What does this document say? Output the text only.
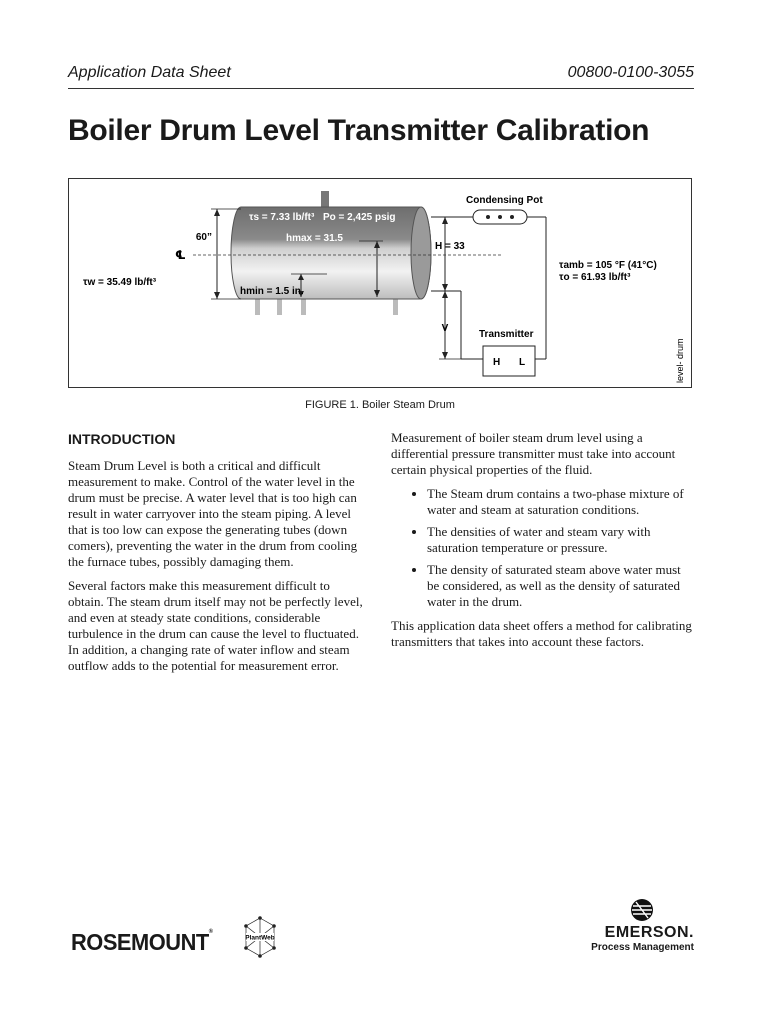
Application Data Sheet	00800-0100-3055
Boiler Drum Level Transmitter Calibration
Condensing Pot
τs = 7.33 lb/ft³ Po = 2,425 psig
hmax = 31.5
hmin = 1.5 in.
60”
℄
τw = 35.49 lb/ft³
H = 33
V
τamb = 105 °F (41°C)
τo = 61.93 lb/ft³
Transmitter
H L	level- drum
FIGURE 1. Boiler Steam Drum
INTRODUCTION

Steam Drum Level is both a critical and difficult measurement to make. Control of the water level in the drum must be precise. A water level that is too high can result in water carryover into the steam piping. A level that is too low can expose the generating tubes (down comers), preventing the water in the drum from cooling the furnace tubes, possibly damaging them.

Several factors make this measurement difficult to obtain. The steam drum itself may not be perfectly level, and even at steady state conditions, considerable turbulence in the drum can cause the level to fluctuated. In addition, a changing rate of water inflow and steam outflow adds to the potential for measurement error.

Measurement of boiler steam drum level using a differential pressure transmitter must take into account certain physical properties of the fluid.

• The Steam drum contains a two-phase mixture of water and steam at saturation conditions.
• The densities of water and steam vary with saturation temperature or pressure.
• The density of saturated steam above water must be considered, as well as the density of saturated water in the drum.

This application data sheet offers a method for calibrating transmitters that takes into account these factors.

ROSEMOUNT®
PlantWeb	EMERSON.
Process Management
